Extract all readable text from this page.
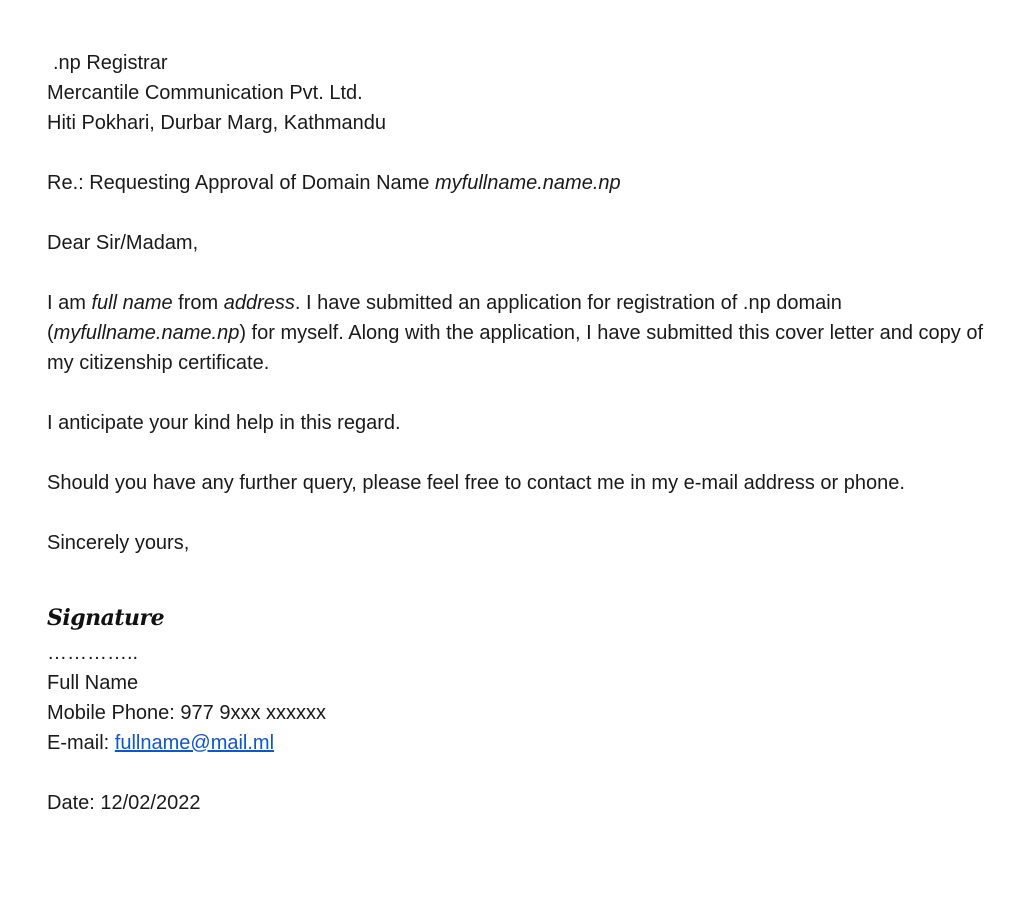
.np Registrar
Mercantile Communication Pvt. Ltd.
Hiti Pokhari, Durbar Marg, Kathmandu
Re.: Requesting Approval of Domain Name myfullname.name.np
Dear Sir/Madam,
I am full name from address. I have submitted an application for registration of .np domain (myfullname.name.np) for myself. Along with the application, I have submitted this cover letter and copy of my citizenship certificate.
I anticipate your kind help in this regard.
Should you have any further query, please feel free to contact me in my e-mail address or phone.
Sincerely yours,
Signature
…………..
Full Name
Mobile Phone: 977 9xxx xxxxxx
E-mail: fullname@mail.ml
Date: 12/02/2022
